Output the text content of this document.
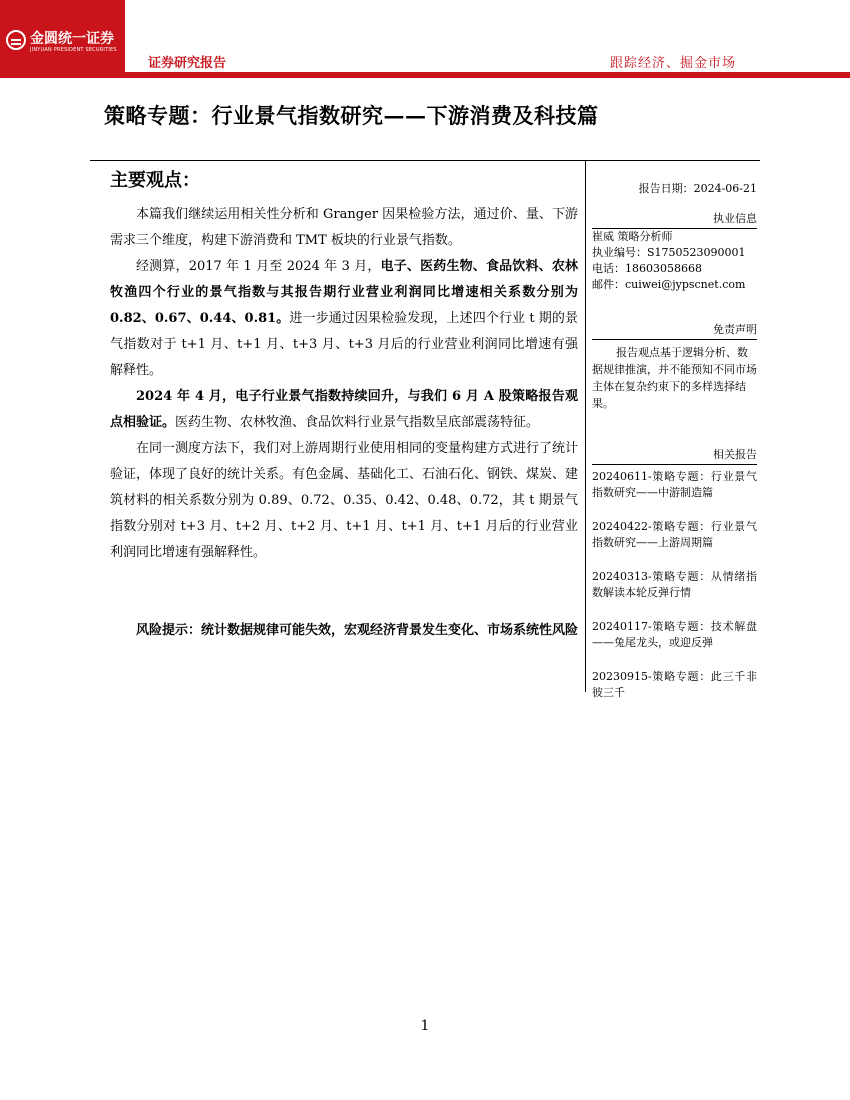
金圆统一证券
JINYUAN PRESIDENT SECURITIES
证券研究报告	跟踪经济、掘金市场
策略专题：行业景气指数研究——下游消费及科技篇
主要观点：

本篇我们继续运用相关性分析和 Granger 因果检验方法，通过价、量、下游需求三个维度，构建下游消费和 TMT 板块的行业景气指数。

经测算，2017 年 1 月至 2024 年 3 月，电子、医药生物、食品饮料、农林牧渔四个行业的景气指数与其报告期行业营业利润同比增速相关系数分别为 0.82、0.67、0.44、0.81。进一步通过因果检验发现，上述四个行业 t 期的景气指数对于 t+1 月、t+1 月、t+3 月、t+3 月后的行业营业利润同比增速有强解释性。

2024 年 4 月，电子行业景气指数持续回升，与我们 6 月 A 股策略报告观点相验证。医药生物、农林牧渔、食品饮料行业景气指数呈底部震荡特征。

在同一测度方法下，我们对上游周期行业使用相同的变量构建方式进行了统计验证，体现了良好的统计关系。有色金属、基础化工、石油石化、钢铁、煤炭、建筑材料的相关系数分别为 0.89、0.72、0.35、0.42、0.48、0.72，其 t 期景气指数分别对 t+3 月、t+2 月、t+2 月、t+1 月、t+1 月、t+1 月后的行业营业利润同比增速有强解释性。

风险提示：统计数据规律可能失效，宏观经济背景发生变化、市场系统性风险

报告日期：2024-06-21
执业信息
崔威 策略分析师
执业编号：S1750523090001
电话：18603058668
邮件：cuiwei@jypscnet.com
免责声明
报告观点基于逻辑分析、数据规律推演，并不能预知不同市场主体在复杂约束下的多样选择结果。
相关报告
20240611-策略专题：行业景气指数研究——中游制造篇
20240422-策略专题：行业景气指数研究——上游周期篇
20240313-策略专题：从情绪指数解读本轮反弹行情
20240117-策略专题：技术解盘——兔尾龙头，或迎反弹
20230915-策略专题：此三千非彼三千
1
